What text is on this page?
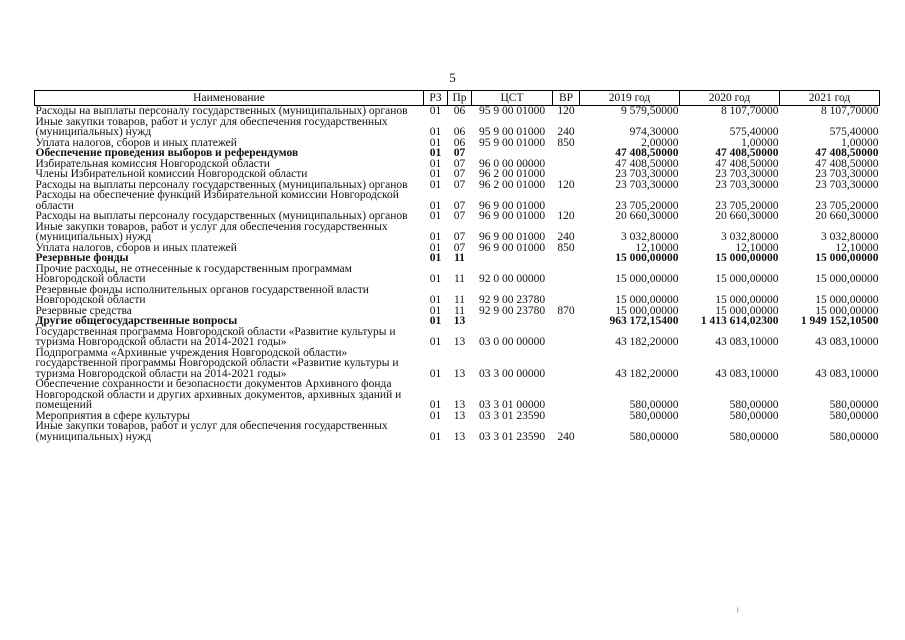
5
Наименование	РЗ	Пр	ЦСТ	ВР	2019 год	2020 год	2021 год
Расходы на выплаты персоналу государственных (муниципальных) органов	01	06	95 9 00 01000	120	9 579,50000	8 107,70000	8 107,70000
Иные закупки товаров, работ и услуг для обеспечения государственных (муниципальных) нужд	01	06	95 9 00 01000	240	974,30000	575,40000	575,40000
Уплата налогов, сборов и иных платежей	01	06	95 9 00 01000	850	2,00000	1,00000	1,00000
Обеспечение проведения выборов и референдумов	01	07			47 408,50000	47 408,50000	47 408,50000
Избирательная комиссия Новгородской области	01	07	96 0 00 00000		47 408,50000	47 408,50000	47 408,50000
Члены Избирательной комиссии Новгородской области	01	07	96 2 00 01000		23 703,30000	23 703,30000	23 703,30000
Расходы на выплаты персоналу государственных (муниципальных) органов	01	07	96 2 00 01000	120	23 703,30000	23 703,30000	23 703,30000
Расходы на обеспечение функций Избирательной комиссии Новгородской области	01	07	96 9 00 01000		23 705,20000	23 705,20000	23 705,20000
Расходы на выплаты персоналу государственных (муниципальных) органов	01	07	96 9 00 01000	120	20 660,30000	20 660,30000	20 660,30000
Иные закупки товаров, работ и услуг для обеспечения государственных (муниципальных) нужд	01	07	96 9 00 01000	240	3 032,80000	3 032,80000	3 032,80000
Уплата налогов, сборов и иных платежей	01	07	96 9 00 01000	850	12,10000	12,10000	12,10000
Резервные фонды	01	11			15 000,00000	15 000,00000	15 000,00000
Прочие расходы, не отнесенные к государственным программам Новгородской области	01	11	92 0 00 00000		15 000,00000	15 000,00000	15 000,00000
Резервные фонды исполнительных органов государственной власти Новгородской области	01	11	92 9 00 23780		15 000,00000	15 000,00000	15 000,00000
Резервные средства	01	11	92 9 00 23780	870	15 000,00000	15 000,00000	15 000,00000
Другие общегосударственные вопросы	01	13			963 172,15400	1 413 614,02300	1 949 152,10500
Государственная программа Новгородской области «Развитие культуры и туризма Новгородской области на 2014-2021 годы»	01	13	03 0 00 00000		43 182,20000	43 083,10000	43 083,10000
Подпрограмма «Архивные учреждения Новгородской области» государственной программы Новгородской области «Развитие культуры и туризма Новгородской области на 2014-2021 годы»	01	13	03 3 00 00000		43 182,20000	43 083,10000	43 083,10000
Обеспечение сохранности и безопасности документов Архивного фонда Новгородской области и других архивных документов, архивных зданий и помещений	01	13	03 3 01 00000		580,00000	580,00000	580,00000
Мероприятия в сфере культуры	01	13	03 3 01 23590		580,00000	580,00000	580,00000
Иные закупки товаров, работ и услуг для обеспечения государственных (муниципальных) нужд	01	13	03 3 01 23590	240	580,00000	580,00000	580,00000
⁾
